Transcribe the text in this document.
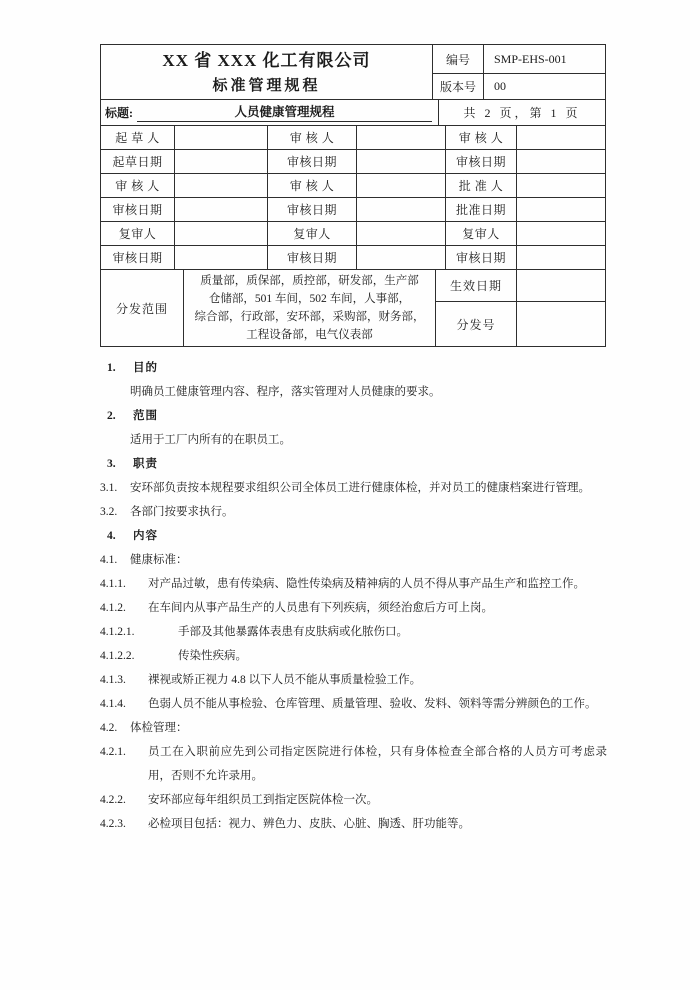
XX 省 XXX 化工有限公司
标准管理规程	编号	SMP-EHS-001
	版本号	00
标题:	人员健康管理规程	共 2 页，第 1 页
起 草 人		审 核 人		审 核 人	
起草日期		审核日期		审核日期	
审 核 人		审 核 人		批 准 人	
审核日期		审核日期		批准日期	
复审人		复审人		复审人	
审核日期		审核日期		审核日期	
分发范围	质量部，质保部，质控部，研发部，生产部
仓储部，501 车间，502 车间，人事部，
综合部，行政部，安环部，采购部，财务部，
工程设备部，电气仪表部	生效日期	
		分发号	
1. 目的
明确员工健康管理内容、程序，落实管理对人员健康的要求。
2. 范围
适用于工厂内所有的在职员工。
3. 职责
3.1. 安环部负责按本规程要求组织公司全体员工进行健康体检，并对员工的健康档案进行管理。
3.2. 各部门按要求执行。
4. 内容
4.1. 健康标准：
4.1.1. 对产品过敏，患有传染病、隐性传染病及精神病的人员不得从事产品生产和监控工作。
4.1.2. 在车间内从事产品生产的人员患有下列疾病，须经治愈后方可上岗。
4.1.2.1.	手部及其他暴露体表患有皮肤病或化脓伤口。
4.1.2.2.	传染性疾病。
4.1.3. 裸视或矫正视力 4.8 以下人员不能从事质量检验工作。
4.1.4. 色弱人员不能从事检验、仓库管理、质量管理、验收、发料、领料等需分辨颜色的工作。
4.2. 体检管理：
4.2.1. 员工在入职前应先到公司指定医院进行体检，只有身体检查全部合格的人员方可考虑录用，否则不允许录用。
4.2.2. 安环部应每年组织员工到指定医院体检一次。
4.2.3. 必检项目包括：视力、辨色力、皮肤、心脏、胸透、肝功能等。
